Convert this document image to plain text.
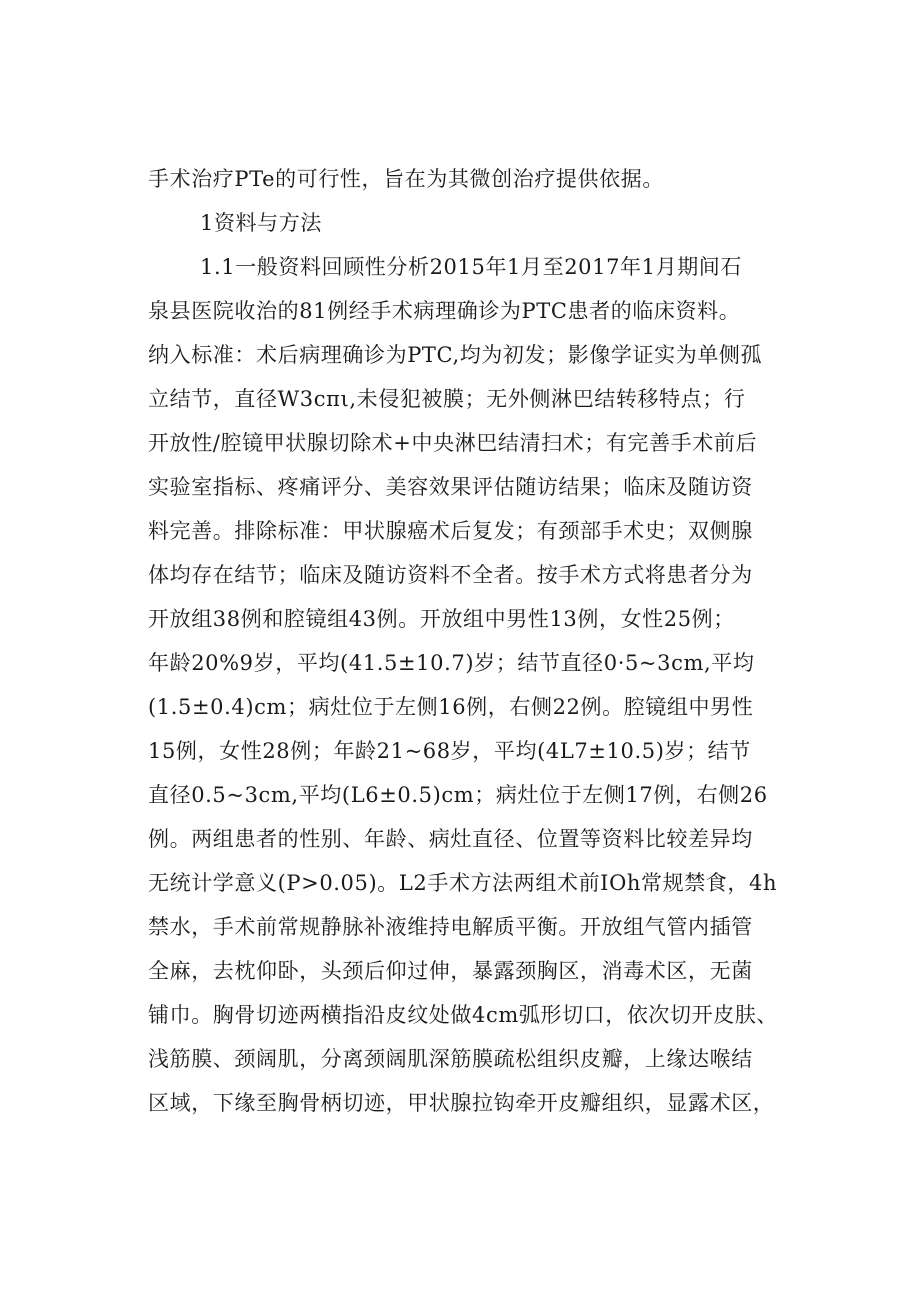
手术治疗PTe的可行性，旨在为其微创治疗提供依据。
1资料与方法
1.1一般资料回顾性分析2015年1月至2017年1月期间石
泉县医院收治的81例经手术病理确诊为PTC患者的临床资料。
纳入标准：术后病理确诊为PTC,均为初发；影像学证实为单侧孤
立结节，直径W3cπι,未侵犯被膜；无外侧淋巴结转移特点；行
开放性/腔镜甲状腺切除术+中央淋巴结清扫术；有完善手术前后
实验室指标、疼痛评分、美容效果评估随访结果；临床及随访资
料完善。排除标准：甲状腺癌术后复发；有颈部手术史；双侧腺
体均存在结节；临床及随访资料不全者。按手术方式将患者分为
开放组38例和腔镜组43例。开放组中男性13例，女性25例；
年龄20%9岁，平均(41.5±10.7)岁；结节直径0·5~3cm,平均
(1.5±0.4)cm；病灶位于左侧16例，右侧22例。腔镜组中男性
15例，女性28例；年龄21~68岁，平均(4L7±10.5)岁；结节
直径0.5~3cm,平均(L6±0.5)cm；病灶位于左侧17例，右侧26
例。两组患者的性别、年龄、病灶直径、位置等资料比较差异均
无统计学意义(P>0.05)。L2手术方法两组术前IOh常规禁食，4h
禁水，手术前常规静脉补液维持电解质平衡。开放组气管内插管
全麻，去枕仰卧，头颈后仰过伸，暴露颈胸区，消毒术区，无菌
铺巾。胸骨切迹两横指沿皮纹处做4cm弧形切口，依次切开皮肤、
浅筋膜、颈阔肌，分离颈阔肌深筋膜疏松组织皮瓣，上缘达喉结
区域，下缘至胸骨柄切迹，甲状腺拉钩牵开皮瓣组织，显露术区，
